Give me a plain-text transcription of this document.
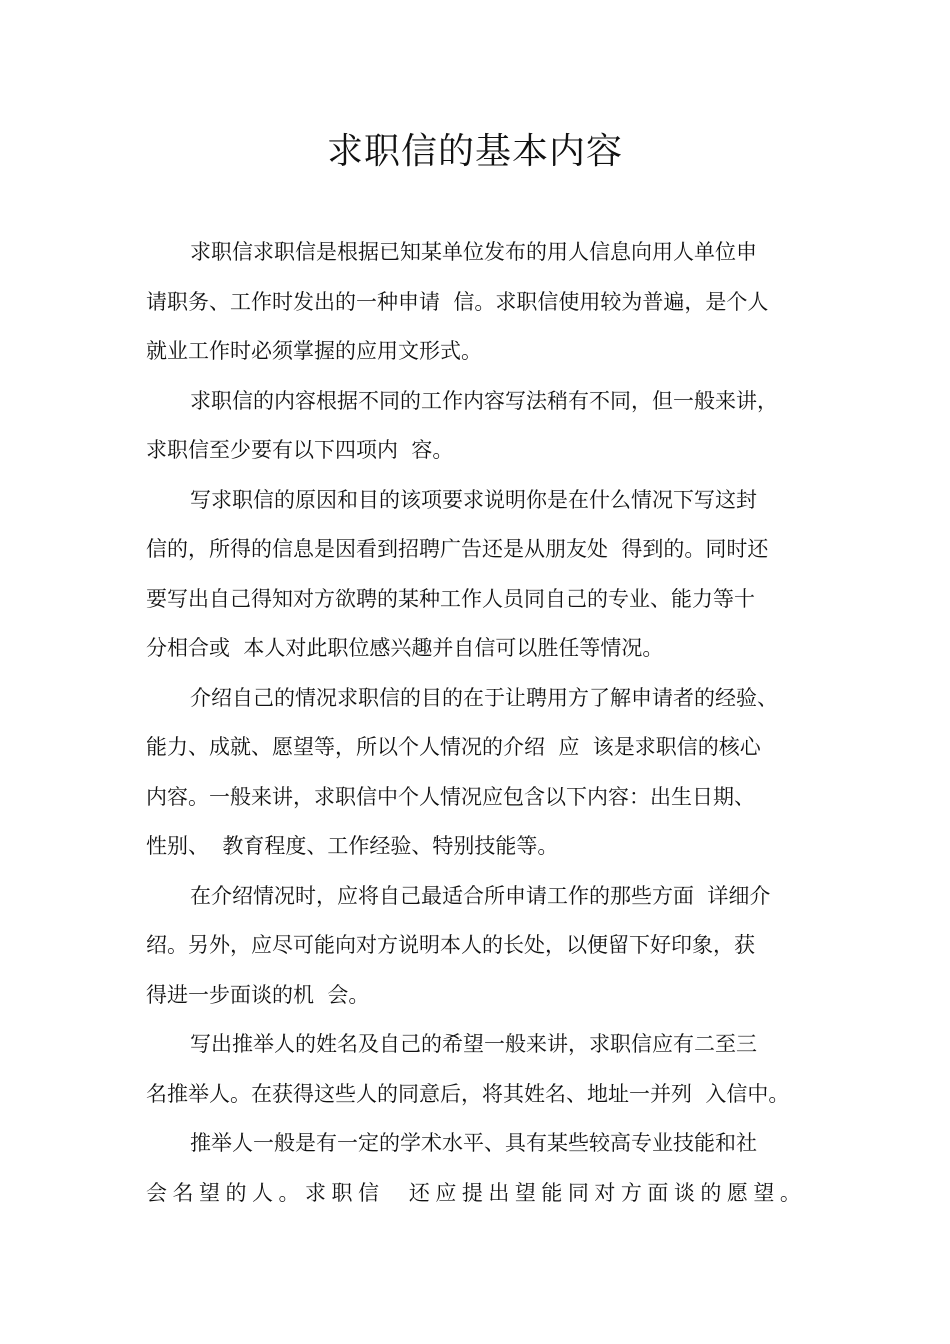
求职信的基本内容
求职信求职信是根据已知某单位发布的用人信息向用人单位申
请职务、工作时发出的一种申请  信。求职信使用较为普遍，是个人
就业工作时必须掌握的应用文形式。
求职信的内容根据不同的工作内容写法稍有不同，但一般来讲，
求职信至少要有以下四项内  容。
写求职信的原因和目的该项要求说明你是在什么情况下写这封
信的，所得的信息是因看到招聘广告还是从朋友处  得到的。同时还
要写出自己得知对方欲聘的某种工作人员同自己的专业、能力等十
分相合或  本人对此职位感兴趣并自信可以胜任等情况。
介绍自己的情况求职信的目的在于让聘用方了解申请者的经验、
能力、成就、愿望等，所以个人情况的介绍  应  该是求职信的核心
内容。一般来讲，求职信中个人情况应包含以下内容：出生日期、
性别、  教育程度、工作经验、特别技能等。
在介绍情况时，应将自己最适合所申请工作的那些方面  详细介
绍。另外，应尽可能向对方说明本人的长处，以便留下好印象，获
得进一步面谈的机  会。
写出推举人的姓名及自己的希望一般来讲，求职信应有二至三
名推举人。在获得这些人的同意后，将其姓名、地址一并列  入信中。
推举人一般是有一定的学术水平、具有某些较高专业技能和社
会名望的人。求职信  还应提出望能同对方面谈的愿望。
